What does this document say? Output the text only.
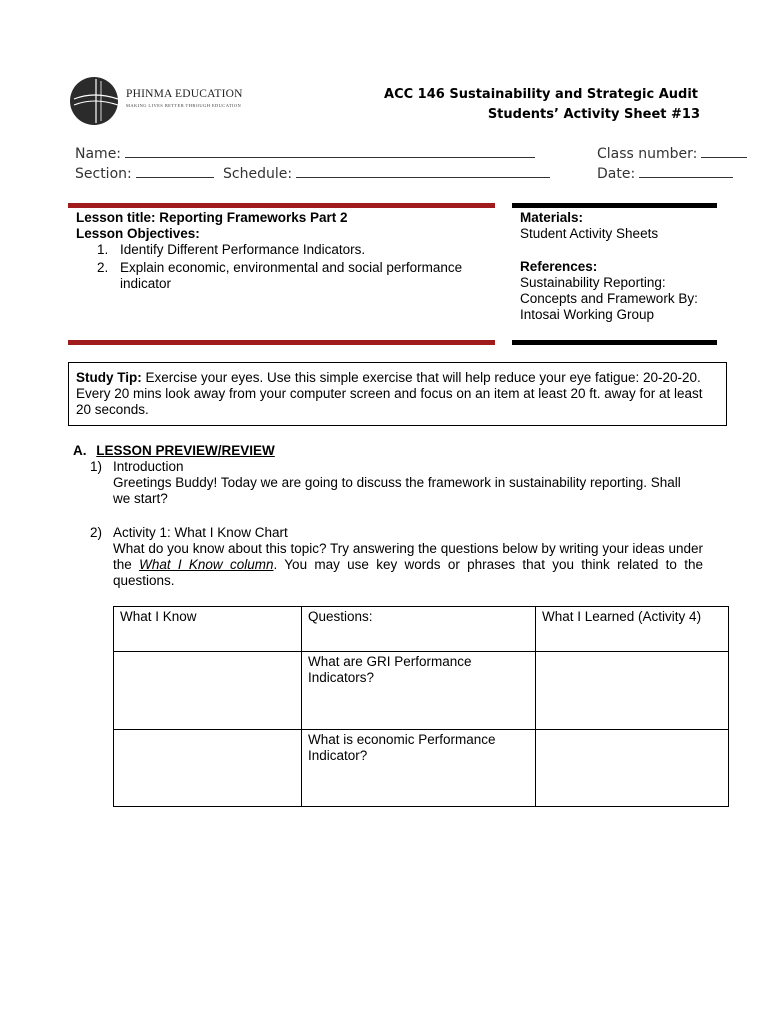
PHINMA EDUCATION
MAKING LIVES BETTER THROUGH EDUCATION
ACC 146 Sustainability and Strategic Audit
Students’ Activity Sheet #13
Name:	Class number:
Section:	Schedule:	Date:
Lesson title: Reporting Frameworks Part 2
Lesson Objectives:
1. Identify Different Performance Indicators.
2. Explain economic, environmental and social performance indicator
Materials:
Student Activity Sheets
References:
Sustainability Reporting: Concepts and Framework By: Intosai Working Group
Study Tip: Exercise your eyes. Use this simple exercise that will help reduce your eye fatigue: 20-20-20. Every 20 mins look away from your computer screen and focus on an item at least 20 ft. away for at least 20 seconds.
A. LESSON PREVIEW/REVIEW
1) Introduction
Greetings Buddy! Today we are going to discuss the framework in sustainability reporting. Shall we start?
2) Activity 1: What I Know Chart
What do you know about this topic? Try answering the questions below by writing your ideas under the What I Know column. You may use key words or phrases that you think related to the questions.
What I Know	Questions:	What I Learned (Activity 4)
	What are GRI Performance Indicators?	
	What is economic Performance Indicator?	
